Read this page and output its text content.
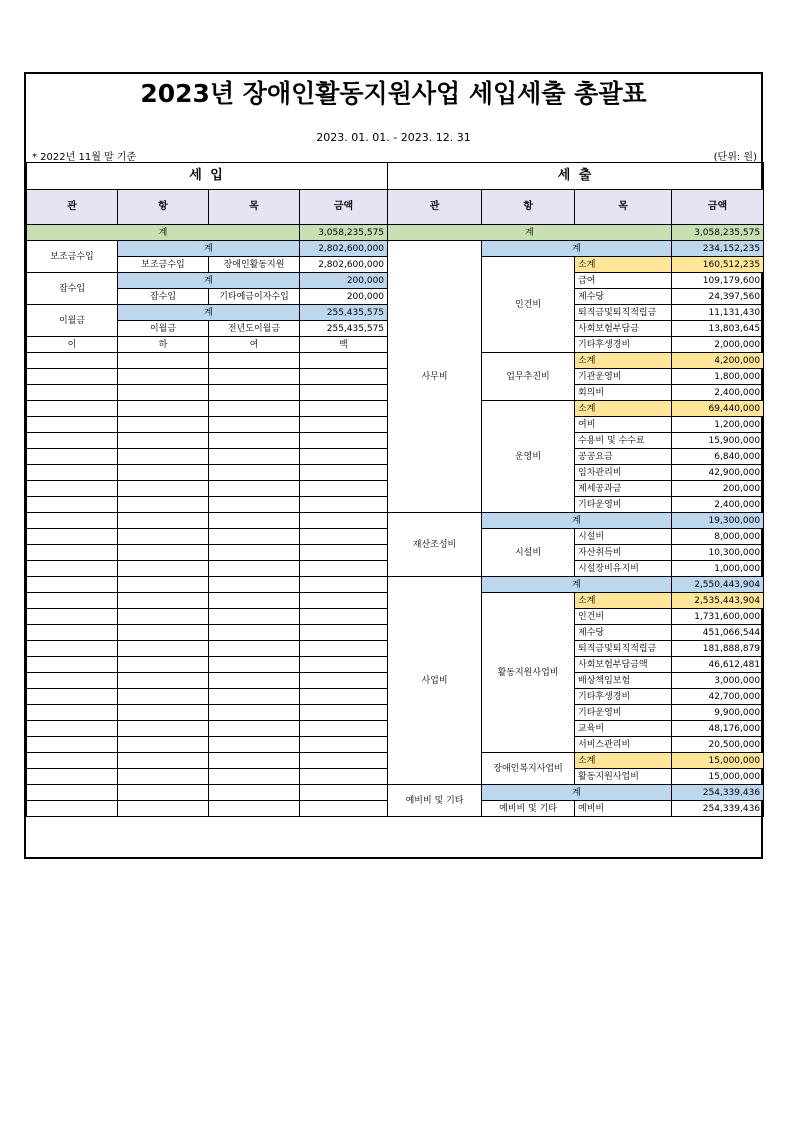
2023년 장애인활동지원사업 세입세출 총괄표
2023. 01. 01. - 2023. 12. 31
* 2022년 11월 말 기준	(단위: 원)
세 입				세 출			
관	항	목	금액	관	항	목	금액
계			3,058,235,575	계			3,058,235,575
보조금수입	계		2,802,600,000	사무비	계		234,152,235
	보조금수입	장애인활동지원	2,802,600,000		인건비	소계	160,512,235
잡수입	계		200,000			급여	109,179,600
	잡수입	기타예금이자수입	200,000			제수당	24,397,560
이월금	계		255,435,575			퇴직금및퇴직적립금	11,131,430
	이월금	전년도이월금	255,435,575			사회보험부담금	13,803,645
이	하	여	백			기타후생경비	2,000,000
					업무추진비	소계	4,200,000
						기관운영비	1,800,000
						회의비	2,400,000
					운영비	소계	69,440,000
						여비	1,200,000
						수용비 및 수수료	15,900,000
						공공요금	6,840,000
						임차관리비	42,900,000
						제세공과금	200,000
						기타운영비	2,400,000
				재산조성비	계		19,300,000
					시설비	시설비	8,000,000
						자산취득비	10,300,000
						시설장비유지비	1,000,000
				사업비	계		2,550,443,904
					활동지원사업비	소계	2,535,443,904
						인건비	1,731,600,000
						제수당	451,066,544
						퇴직금및퇴직적립금	181,888,879
						사회보험부담금액	46,612,481
						배상책임보험	3,000,000
						기타후생경비	42,700,000
						기타운영비	9,900,000
						교육비	48,176,000
						서비스관리비	20,500,000
					장애인복지사업비	소계	15,000,000
						활동지원사업비	15,000,000
				예비비 및 기타	계		254,339,436
					예비비 및 기타	예비비	254,339,436
